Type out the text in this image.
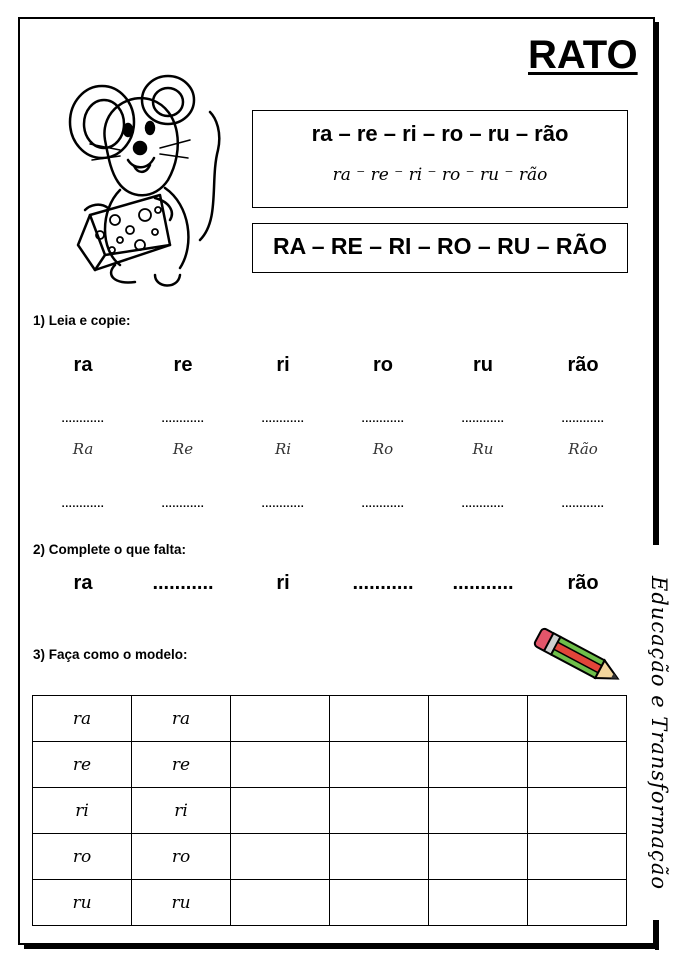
Educação e Transformação
RATO
ra – re – ri – ro – ru – rão
ra ⁻ re ⁻ ri ⁻ ro ⁻ ru ⁻ rão
RA – RE – RI – RO – RU – RÃO
1) Leia e copie:
ra	re	ri	ro	ru	rão
............	............	............	............	............	............
Ra	Re	Ri	Ro	Ru	Rão
............	............	............	............	............	............
2) Complete o que falta:
ra	...........	ri	...........	...........	rão
3) Faça como o modelo:
ra	ra				
re	re				
ri	ri				
ro	ro				
ru	ru				
